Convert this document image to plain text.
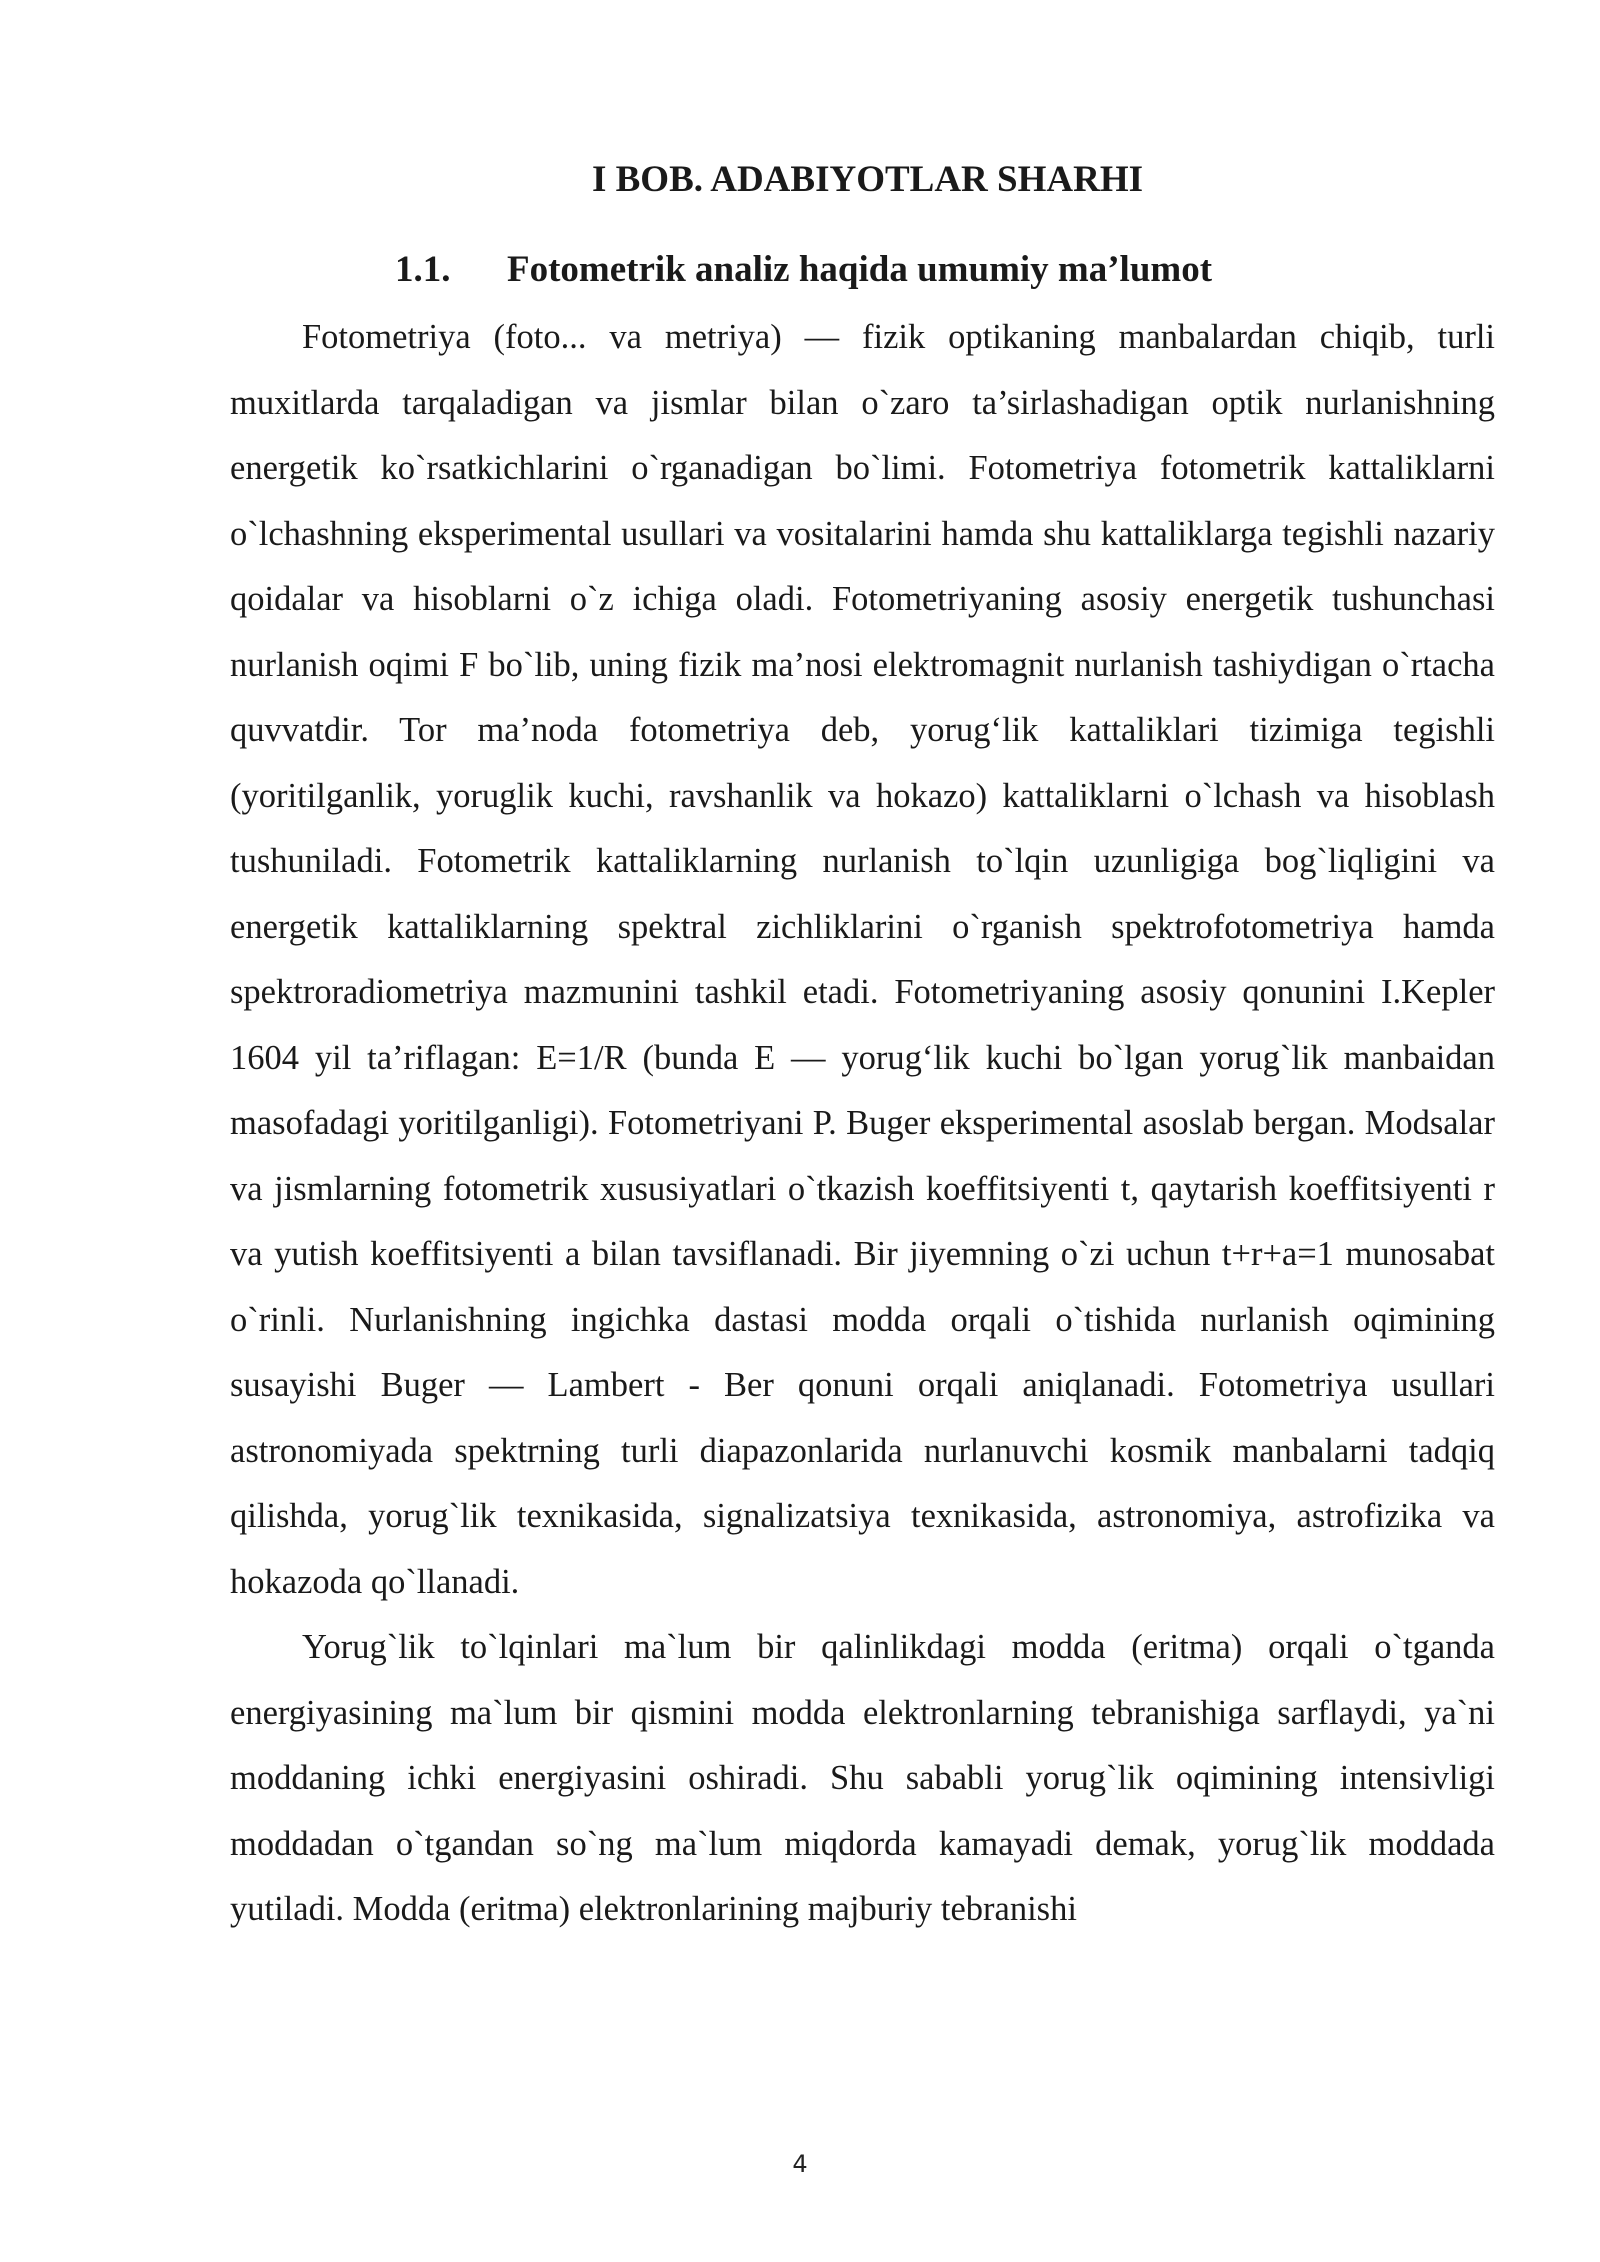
I BOB. ADABIYOTLAR SHARHI
1.1. Fotometrik analiz haqida umumiy ma’lumot

Fotometriya (foto... va metriya) — fizik optikaning manbalardan chiqib, turli muxitlarda tarqaladigan va jismlar bilan o`zaro ta’sirlashadigan optik nurlanishning energetik ko`rsatkichlarini o`rganadigan bo`limi. Fotometriya fotometrik kattaliklarni o`lchashning eksperimental usullari va vositalarini hamda shu kattaliklarga tegishli nazariy qoidalar va hisoblarni o`z ichiga oladi. Fotometriyaning asosiy energetik tushunchasi nurlanish oqimi F bo`lib, uning fizik ma’nosi elektromagnit nurlanish tashiydigan o`rtacha quvvatdir. Tor ma’noda fotometriya deb, yorug‘lik kattaliklari tizimiga tegishli (yoritilganlik, yoruglik kuchi, ravshanlik va hokazo) kattaliklarni o`lchash va hisoblash tushuniladi. Fotometrik kattaliklarning nurlanish to`lqin uzunligiga bog`liqligini va energetik kattaliklarning spektral zichliklarini o`rganish spektrofotometriya hamda spektroradiometriya mazmunini tashkil etadi. Fotometriyaning asosiy qonunini I.Kepler 1604 yil ta’riflagan: E=1/R (bunda E — yorug‘lik kuchi bo`lgan yorug`lik manbaidan masofadagi yoritilganligi). Fotometriyani P. Buger eksperimental asoslab bergan. Modsalar va jismlarning fotometrik xususiyatlari o`tkazish koeffitsiyenti t, qaytarish koeffitsiyenti r va yutish koeffitsiyenti a bilan tavsiflanadi. Bir jiyemning o`zi uchun t+r+a=1 munosabat o`rinli. Nurlanishning ingichka dastasi modda orqali o`tishida nurlanish oqimining susayishi Buger — Lambert - Ber qonuni orqali aniqlanadi. Fotometriya usullari astronomiyada spektrning turli diapazonlarida nurlanuvchi kosmik manbalarni tadqiq qilishda, yorug`lik texnikasida, signalizatsiya texnikasida, astronomiya, astrofizika va hokazoda qo`llanadi.

Yorug`lik to`lqinlari ma`lum bir qalinlikdagi modda (eritma) orqali o`tganda energiyasining ma`lum bir qismini modda elektronlarning tebranishiga sarflaydi, ya`ni moddaning ichki energiyasini oshiradi. Shu sababli yorug`lik oqimining intensivligi moddadan o`tgandan so`ng ma`lum miqdorda kamayadi demak, yorug`lik moddada yutiladi. Modda (eritma) elektronlarining majburiy tebranishi

4
